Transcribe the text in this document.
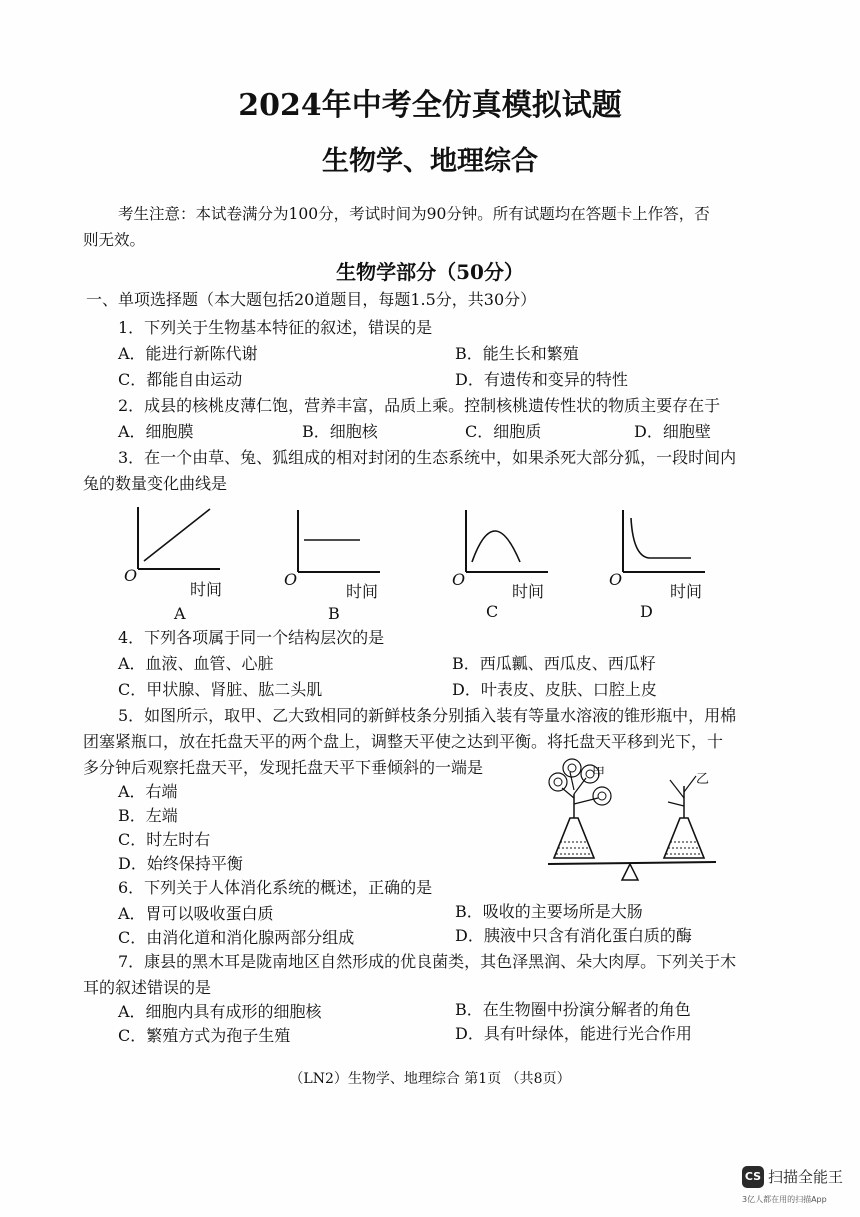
2024年中考全仿真模拟试题
生物学、地理综合
考生注意：本试卷满分为100分，考试时间为90分钟。所有试题均在答题卡上作答，否
则无效。
生物学部分（50分）
一、单项选择题（本大题包括20道题目，每题1.5分，共30分）
1．下列关于生物基本特征的叙述，错误的是
A．能进行新陈代谢	B．能生长和繁殖
C．都能自由运动	D．有遗传和变异的特性
2．成县的核桃皮薄仁饱，营养丰富，品质上乘。控制核桃遗传性状的物质主要存在于
A．细胞膜	B．细胞核	C．细胞质	D．细胞壁
3．在一个由草、兔、狐组成的相对封闭的生态系统中，如果杀死大部分狐，一段时间内
兔的数量变化曲线是
O
时间
A
O
时间
B
O
时间
C
O
时间
D
4．下列各项属于同一个结构层次的是
A．血液、血管、心脏	B．西瓜瓤、西瓜皮、西瓜籽
C．甲状腺、肾脏、肱二头肌	D．叶表皮、皮肤、口腔上皮
5．如图所示，取甲、乙大致相同的新鲜枝条分别插入装有等量水溶液的锥形瓶中，用棉
团塞紧瓶口，放在托盘天平的两个盘上，调整天平使之达到平衡。将托盘天平移到光下，十
多分钟后观察托盘天平，发现托盘天平下垂倾斜的一端是
A．右端
B．左端
C．时左时右
D．始终保持平衡
甲	乙
6．下列关于人体消化系统的概述，正确的是
A．胃可以吸收蛋白质	B．吸收的主要场所是大肠
C．由消化道和消化腺两部分组成	D．胰液中只含有消化蛋白质的酶
7．康县的黑木耳是陇南地区自然形成的优良菌类，其色泽黑润、朵大肉厚。下列关于木
耳的叙述错误的是
A．细胞内具有成形的细胞核	B．在生物圈中扮演分解者的角色
C．繁殖方式为孢子生殖	D．具有叶绿体，能进行光合作用
（LN2）生物学、地理综合 第1页 （共8页）
CS 扫描全能王
3亿人都在用的扫描App
